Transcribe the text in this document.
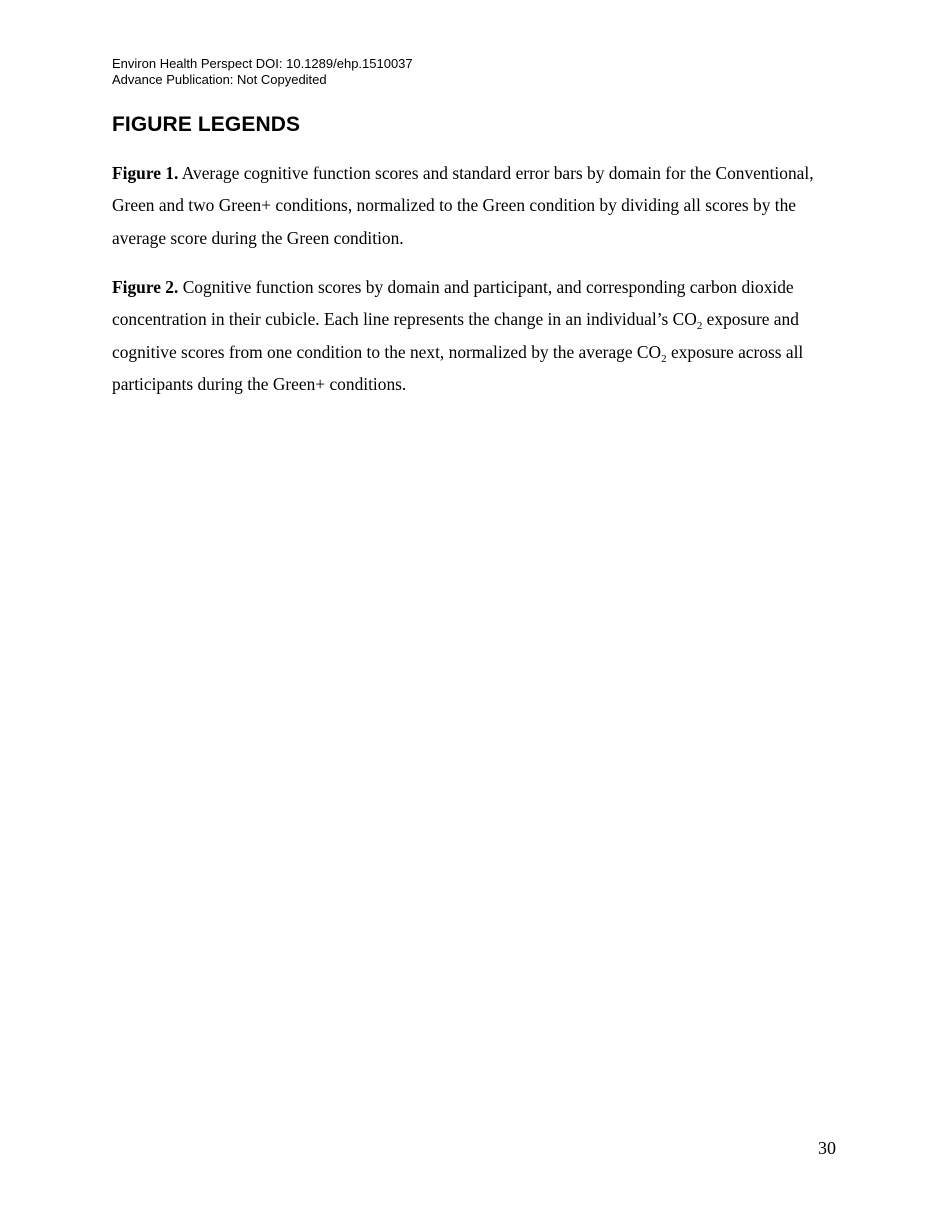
Environ Health Perspect DOI: 10.1289/ehp.1510037
Advance Publication: Not Copyedited
FIGURE LEGENDS

Figure 1. Average cognitive function scores and standard error bars by domain for the Conventional, Green and two Green+ conditions, normalized to the Green condition by dividing all scores by the average score during the Green condition.

Figure 2. Cognitive function scores by domain and participant, and corresponding carbon dioxide concentration in their cubicle. Each line represents the change in an individual’s $CO_2$ exposure and cognitive scores from one condition to the next, normalized by the average $CO_2$ exposure across all participants during the Green+ conditions.

30
